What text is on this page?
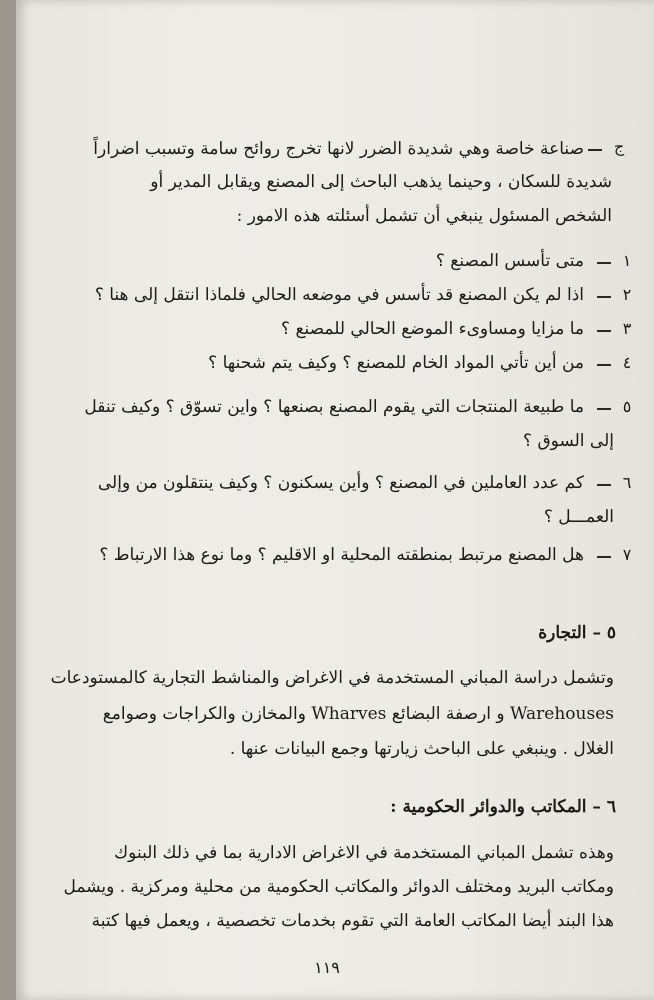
ج
صناعة خاصة وهي شديدة الضرر لانها تخرج روائح سامة وتسبب اضراراً
شديدة للسكان ، وحينما يذهب الباحث إلى المصنع ويقابل المدير أو
الشخص المسئول ينبغي أن تشمل أسئلته هذه الامور :
١
متى تأسس المصنع ؟
٢
اذا لم يكن المصنع قد تأسس في موضعه الحالي فلماذا انتقل إلى هنا ؟
٣
ما مزايا ومساوىء الموضع الحالي للمصنع ؟
٤
من أين تأتي المواد الخام للمصنع ؟ وكيف يتم شحنها ؟
٥
ما طبيعة المنتجات التي يقوم المصنع بصنعها ؟ واين تسوّق ؟ وكيف تنقل
إلى السوق ؟
٦
كم عدد العاملين في المصنع ؟ وأين يسكنون ؟ وكيف ينتقلون من وإلى
العمـــل ؟
٧
هل المصنع مرتبط بمنطقته المحلية او الاقليم ؟ وما نوع هذا الارتباط ؟
٥ – التجارة
وتشمل دراسة المباني المستخدمة في الاغراض والمناشط التجارية كالمستودعات
Warehouses و ارصفة البضائع Wharves والمخازن والكراجات وصوامع
الغلال . وينبغي على الباحث زيارتها وجمع البيانات عنها .
٦ – المكاتب والدوائر الحكومية :
وهذه تشمل المباني المستخدمة في الاغراض الادارية بما في ذلك البنوك
ومكاتب البريد ومختلف الدوائر والمكاتب الحكومية من محلية ومركزية . ويشمل
هذا البند أيضا المكاتب العامة التي تقوم بخدمات تخصصية ، ويعمل فيها كتبة
١١٩
